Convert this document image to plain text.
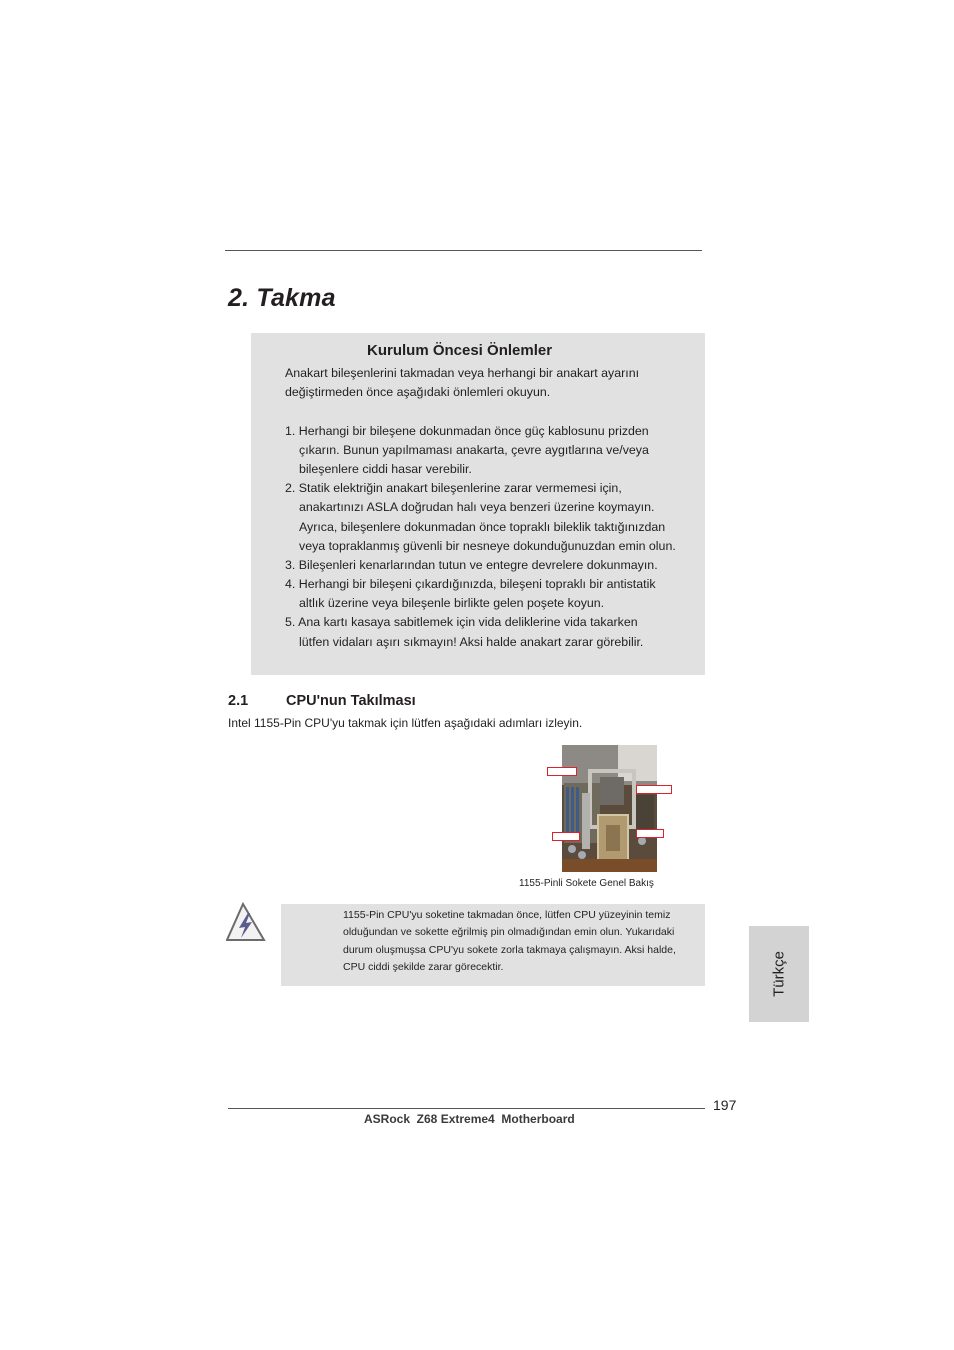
2. Takma
Kurulum Öncesi Önlemler
Anakart bileşenlerini takmadan veya herhangi bir anakart ayarını
değiştirmeden önce aşağıdaki önlemleri okuyun.
1. Herhangi bir bileşene dokunmadan önce güç kablosunu prizden
çıkarın. Bunun yapılmaması anakarta, çevre aygıtlarına ve/veya
bileşenlere ciddi hasar verebilir.
2. Statik elektriğin anakart bileşenlerine zarar vermemesi için,
anakartınızı ASLA doğrudan halı veya benzeri üzerine koymayın.
Ayrıca, bileşenlere dokunmadan önce topraklı bileklik taktığınızdan
veya topraklanmış güvenli bir nesneye dokunduğunuzdan emin olun.
3. Bileşenleri kenarlarından tutun ve entegre devrelere dokunmayın.
4. Herhangi bir bileşeni çıkardığınızda, bileşeni topraklı bir antistatik
altlık üzerine veya bileşenle birlikte gelen poşete koyun.
5. Ana kartı kasaya sabitlemek için vida deliklerine vida takarken
lütfen vidaları aşırı sıkmayın! Aksi halde anakart zarar görebilir.
2.1	CPU'nun Takılması
Intel 1155-Pin CPU'yu takmak için lütfen aşağıdaki adımları izleyin.
1155-Pinli Sokete Genel Bakış
1155-Pin CPU'yu soketine takmadan önce, lütfen CPU yüzeyinin temiz
olduğundan ve sokette eğrilmiş pin olmadığından emin olun. Yukarıdaki
durum oluşmuşsa CPU'yu sokete zorla takmaya çalışmayın. Aksi halde,
CPU ciddi şekilde zarar görecektir.	Türkçe
197
ASRock  Z68 Extreme4  Motherboard
